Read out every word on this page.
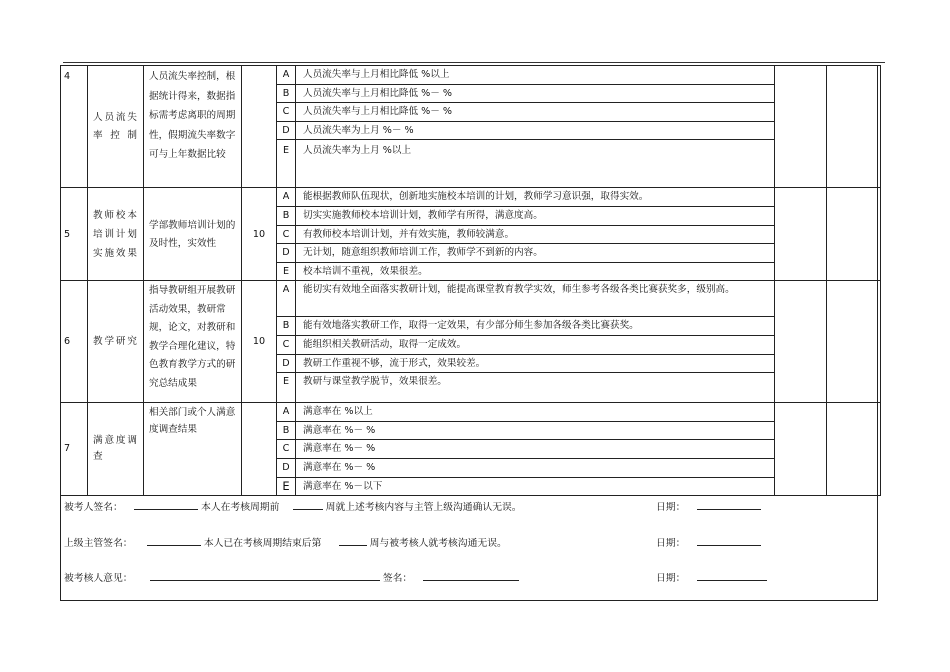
4	人员流失率控制	人员流失率控制，根据统计得来，数据指标需考虑离职的周期性，假期流失率数字可与上年数据比较		A	人员流失率与上月相比降低 %以上		
				B	人员流失率与上月相比降低 %－ %		
				C	人员流失率与上月相比降低 %－ %		
				D	人员流失率为上月 %－ %		
				E	人员流失率为上月 %以上		
5	教师校本培训计划实施效果	学部教师培训计划的及时性，实效性	10	A	能根据教师队伍现状，创新地实施校本培训的计划，教师学习意识强，取得实效。		
				B	切实实施教师校本培训计划，教师学有所得，满意度高。		
				C	有教师校本培训计划，并有效实施，教师较满意。		
				D	无计划，随意组织教师培训工作，教师学不到新的内容。		
				E	校本培训不重视，效果很差。		
6	教学研究	指导教研组开展教研活动效果，教研常规，论文，对教研和教学合理化建议，特色教育教学方式的研究总结成果	10	A	能切实有效地全面落实教研计划，能提高课堂教育教学实效，师生参考各级各类比赛获奖多，级别高。		
				B	能有效地落实教研工作，取得一定效果，有少部分师生参加各级各类比赛获奖。		
				C	能组织相关教研活动，取得一定成效。		
				D	教研工作重视不够，流于形式，效果较差。		
				E	教研与课堂教学脱节，效果很差。		
7	满意度调查	相关部门或个人满意度调查结果		A	满意率在 %以上		
				B	满意率在 %－ %		
				C	满意率在 %－ %		
				D	满意率在 %－ %		
				E	满意率在 %－以下		
被考人签名：	本人在考核周期前	周就上述考核内容与主管上级沟通确认无误。	日期：
上级主管签名：	本人已在考核周期结束后第	周与被考核人就考核沟通无误。	日期：
被考核人意见：	签名：	日期：
